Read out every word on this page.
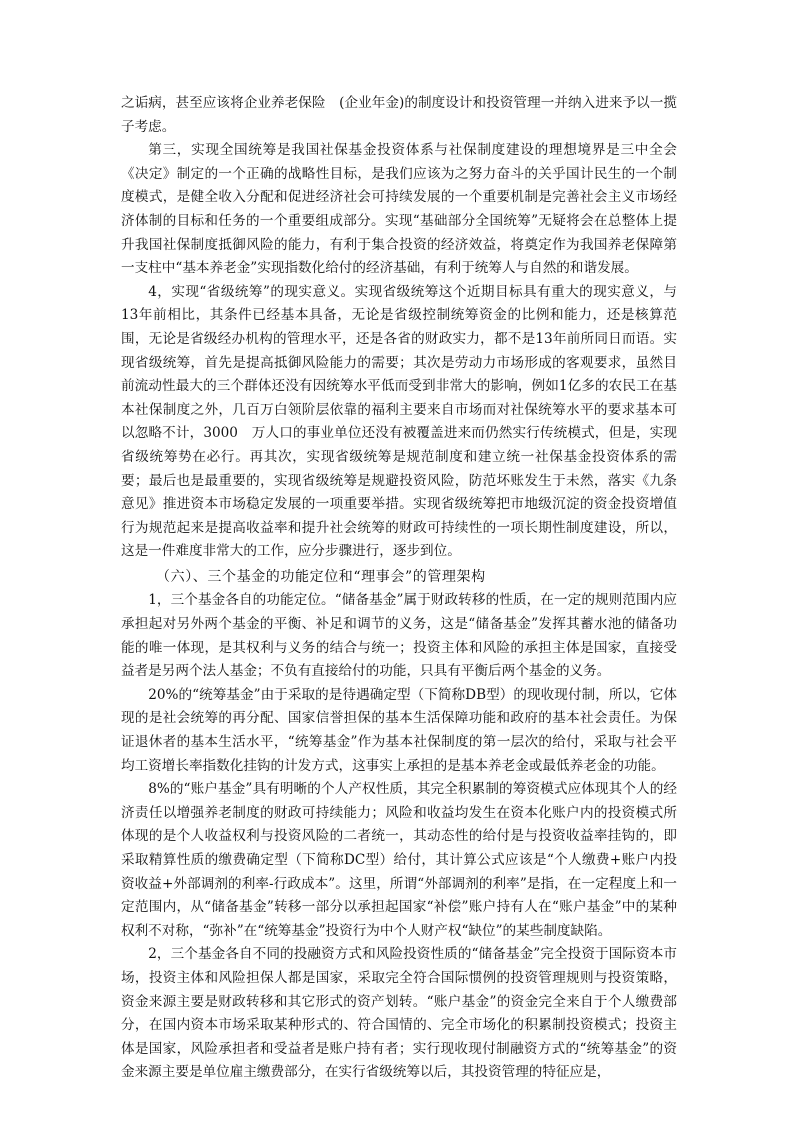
之诟病，甚至应该将企业养老保险　(企业年金)的制度设计和投资管理一并纳入进来予以一揽子考虑。

第三，实现全国统筹是我国社保基金投资体系与社保制度建设的理想境界是三中全会《决定》制定的一个正确的战略性目标，是我们应该为之努力奋斗的关乎国计民生的一个制度模式，是健全收入分配和促进经济社会可持续发展的一个重要机制是完善社会主义市场经济体制的目标和任务的一个重要组成部分。实现“基础部分全国统筹”无疑将会在总整体上提升我国社保制度抵御风险的能力，有利于集合投资的经济效益，将奠定作为我国养老保障第一支柱中“基本养老金”实现指数化给付的经济基础，有利于统筹人与自然的和谐发展。

4，实现“省级统筹”的现实意义。实现省级统筹这个近期目标具有重大的现实意义，与13年前相比，其条件已经基本具备，无论是省级控制统筹资金的比例和能力，还是核算范围，无论是省级经办机构的管理水平，还是各省的财政实力，都不是13年前所同日而语。实现省级统筹，首先是提高抵御风险能力的需要；其次是劳动力市场形成的客观要求，虽然目前流动性最大的三个群体还没有因统筹水平低而受到非常大的影响，例如1亿多的农民工在基本社保制度之外，几百万白领阶层依靠的福利主要来自市场而对社保统筹水平的要求基本可以忽略不计，3000　万人口的事业单位还没有被覆盖进来而仍然实行传统模式，但是，实现省级统筹势在必行。再其次，实现省级统筹是规范制度和建立统一社保基金投资体系的需要；最后也是最重要的，实现省级统筹是规避投资风险，防范坏账发生于未然，落实《九条意见》推进资本市场稳定发展的一项重要举措。实现省级统筹把市地级沉淀的资金投资增值行为规范起来是提高收益率和提升社会统筹的财政可持续性的一项长期性制度建设，所以，这是一件难度非常大的工作，应分步骤进行，逐步到位。

（六）、三个基金的功能定位和“理事会”的管理架构

1，三个基金各自的功能定位。“储备基金”属于财政转移的性质，在一定的规则范围内应承担起对另外两个基金的平衡、补足和调节的义务，这是“储备基金”发挥其蓄水池的储备功能的唯一体现，是其权利与义务的结合与统一；投资主体和风险的承担主体是国家，直接受益者是另两个法人基金；不负有直接给付的功能，只具有平衡后两个基金的义务。

20%的“统筹基金”由于采取的是待遇确定型（下简称DB型）的现收现付制，所以，它体现的是社会统筹的再分配、国家信誉担保的基本生活保障功能和政府的基本社会责任。为保证退休者的基本生活水平，“统筹基金”作为基本社保制度的第一层次的给付，采取与社会平均工资增长率指数化挂钩的计发方式，这事实上承担的是基本养老金或最低养老金的功能。

8%的“账户基金”具有明晰的个人产权性质，其完全积累制的筹资模式应体现其个人的经济责任以增强养老制度的财政可持续能力；风险和收益均发生在资本化账户内的投资模式所体现的是个人收益权利与投资风险的二者统一，其动态性的给付是与投资收益率挂钩的，即采取精算性质的缴费确定型（下简称DC型）给付，其计算公式应该是“个人缴费+账户内投资收益+外部调剂的利率-行政成本”。这里，所谓“外部调剂的利率”是指，在一定程度上和一定范围内，从“储备基金”转移一部分以承担起国家“补偿”账户持有人在“账户基金”中的某种权利不对称，“弥补”在“统筹基金”投资行为中个人财产权“缺位”的某些制度缺陷。

2，三个基金各自不同的投融资方式和风险投资性质的“储备基金”完全投资于国际资本市场，投资主体和风险担保人都是国家，采取完全符合国际惯例的投资管理规则与投资策略，资金来源主要是财政转移和其它形式的资产划转。“账户基金”的资金完全来自于个人缴费部分，在国内资本市场采取某种形式的、符合国情的、完全市场化的积累制投资模式；投资主体是国家，风险承担者和受益者是账户持有者；实行现收现付制融资方式的“统筹基金”的资金来源主要是单位雇主缴费部分，在实行省级统筹以后，其投资管理的特征应是，
